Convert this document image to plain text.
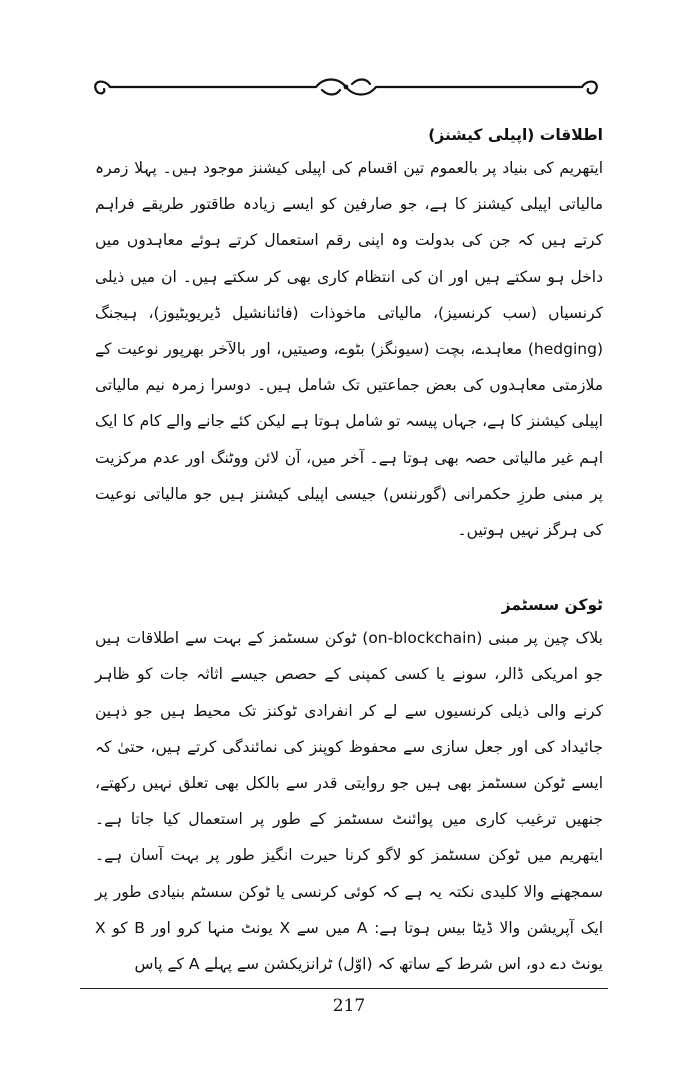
اطلاقات (اپیلی کیشنز)

ایتھریم کی بنیاد پر بالعموم تین اقسام کی اپیلی کیشنز موجود ہیں۔ پہلا زمرہ مالیاتی اپیلی کیشنز کا ہے، جو صارفین کو ایسے زیادہ طاقتور طریقے فراہم کرتے ہیں کہ جن کی بدولت وہ اپنی رقم استعمال کرتے ہوئے معاہدوں میں داخل ہو سکتے ہیں اور ان کی انتظام کاری بھی کر سکتے ہیں۔ ان میں ذیلی کرنسیاں (سب کرنسیز)، مالیاتی ماخوذات (فائنانشیل ڈیریویٹیوز)، ہیجنگ (hedging) معاہدے، بچت (سیونگز) بٹوے، وصیتیں، اور بالآخر بھرپور نوعیت کے ملازمتی معاہدوں کی بعض جماعتیں تک شامل ہیں۔ دوسرا زمرہ نیم مالیاتی اپیلی کیشنز کا ہے، جہاں پیسہ تو شامل ہوتا ہے لیکن کئے جانے والے کام کا ایک اہم غیر مالیاتی حصہ بھی ہوتا ہے۔ آخر میں، آن لائن ووٹنگ اور عدم مرکزیت پر مبنی طرزِ حکمرانی (گورننس) جیسی اپیلی کیشنز ہیں جو مالیاتی نوعیت کی ہرگز نہیں ہوتیں۔

ٹوکن سسٹمز

بلاک چین پر مبنی (on-blockchain) ٹوکن سسٹمز کے بہت سے اطلاقات ہیں جو امریکی ڈالر، سونے یا کسی کمپنی کے حصص جیسے اثاثہ جات کو ظاہر کرنے والی ذیلی کرنسیوں سے لے کر انفرادی ٹوکنز تک محیط ہیں جو ذہین جائیداد کی اور جعل سازی سے محفوظ کوپنز کی نمائندگی کرتے ہیں، حتیٰ کہ ایسے ٹوکن سسٹمز بھی ہیں جو روایتی قدر سے بالکل بھی تعلق نہیں رکھتے، جنھیں ترغیب کاری میں پوائنٹ سسٹمز کے طور پر استعمال کیا جاتا ہے۔ ایتھریم میں ٹوکن سسٹمز کو لاگو کرنا حیرت انگیز طور پر بہت آسان ہے۔ سمجھنے والا کلیدی نکتہ یہ ہے کہ کوئی کرنسی یا ٹوکن سسٹم بنیادی طور پر ایک آپریشن والا ڈیٹا بیس ہوتا ہے: A میں سے X یونٹ منہا کرو اور B کو X یونٹ دے دو، اس شرط کے ساتھ کہ (اوّل) ٹرانزیکشن سے پہلے A کے پاس

217
